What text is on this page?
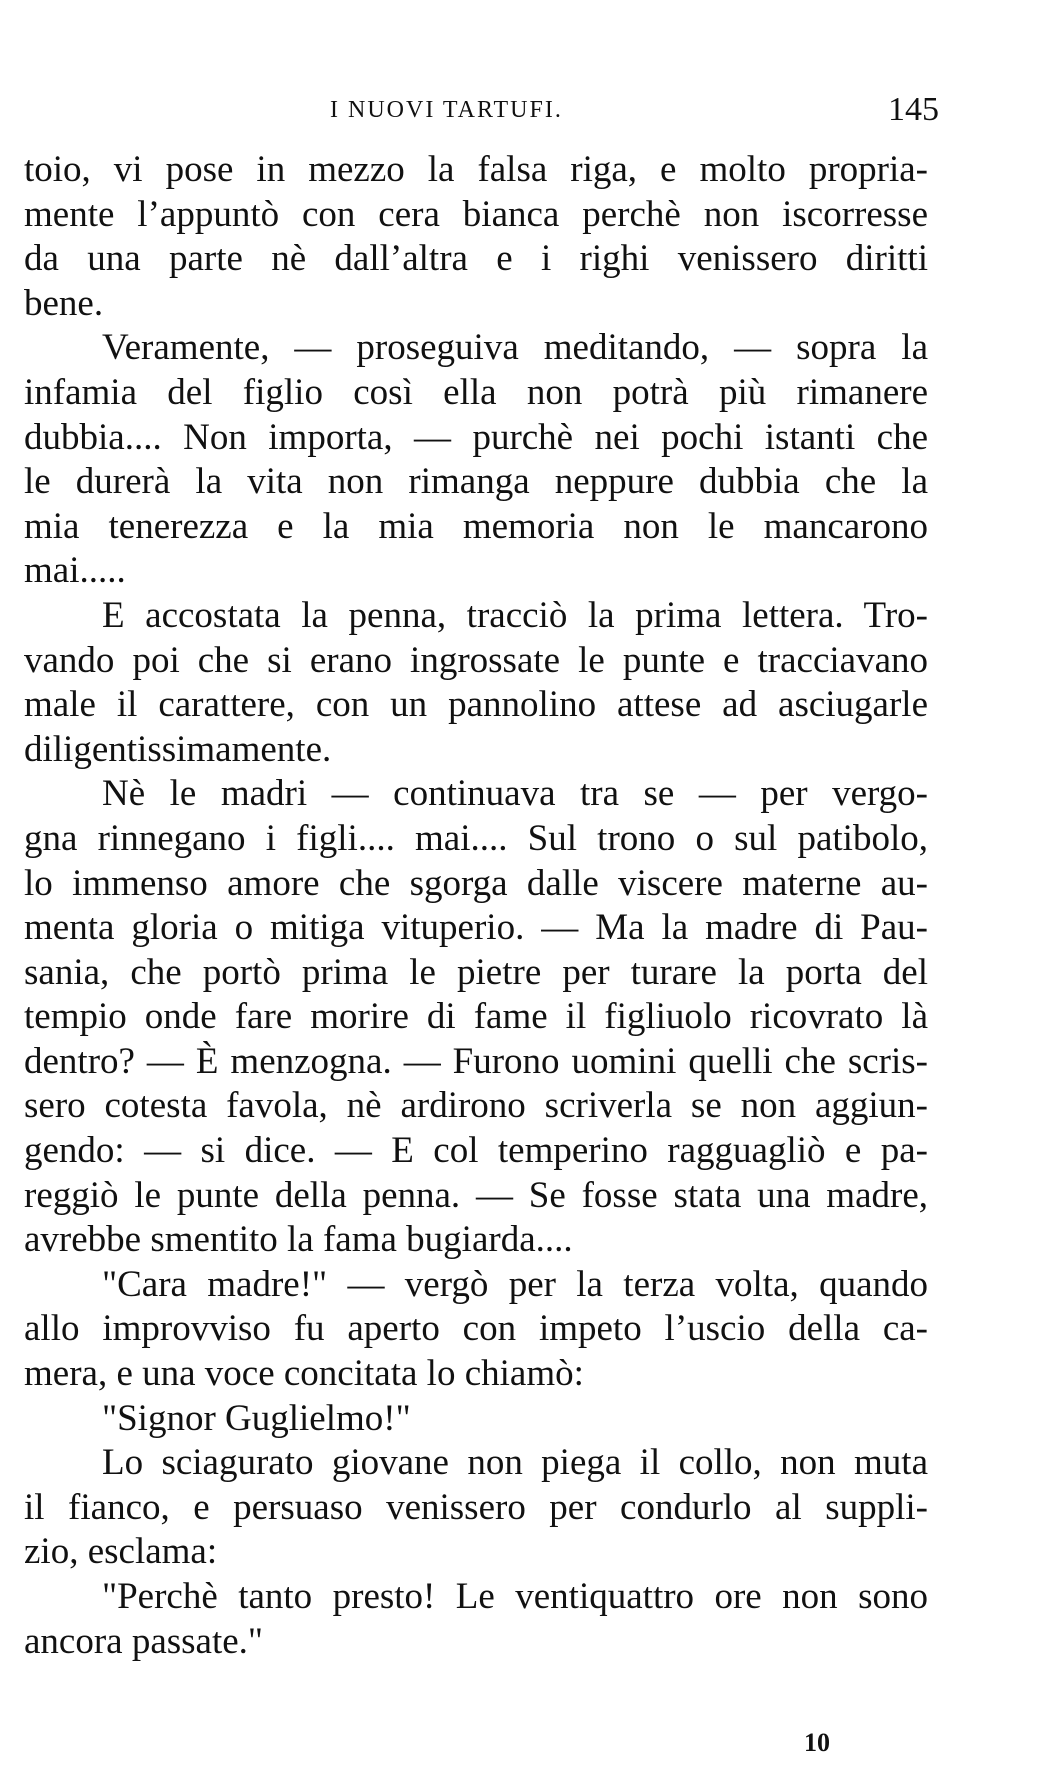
I NUOVI TARTUFI.	145
toio, vi pose in mezzo la falsa riga, e molto propria-
mente l’appuntò con cera bianca perchè non iscorresse
da una parte nè dall’altra e i righi venissero diritti
bene.
Veramente, — proseguiva meditando, — sopra la
infamia del figlio così ella non potrà più rimanere
dubbia.... Non importa, — purchè nei pochi istanti che
le durerà la vita non rimanga neppure dubbia che la
mia tenerezza e la mia memoria non le mancarono
mai.....
E accostata la penna, tracciò la prima lettera. Tro-
vando poi che si erano ingrossate le punte e tracciavano
male il carattere, con un pannolino attese ad asciugarle
diligentissimamente.
Nè le madri — continuava tra se — per vergo-
gna rinnegano i figli.... mai.... Sul trono o sul patibolo,
lo immenso amore che sgorga dalle viscere materne au-
menta gloria o mitiga vituperio. — Ma la madre di Pau-
sania, che portò prima le pietre per turare la porta del
tempio onde fare morire di fame il figliuolo ricovrato là
dentro? — È menzogna. — Furono uomini quelli che scris-
sero cotesta favola, nè ardirono scriverla se non aggiun-
gendo: — si dice. — E col temperino ragguagliò e pa-
reggiò le punte della penna. — Se fosse stata una madre,
avrebbe smentito la fama bugiarda....
"Cara madre!" — vergò per la terza volta, quando
allo improvviso fu aperto con impeto l’uscio della ca-
mera, e una voce concitata lo chiamò:
"Signor Guglielmo!"
Lo sciagurato giovane non piega il collo, non muta
il fianco, e persuaso venissero per condurlo al suppli-
zio, esclama:
"Perchè tanto presto! Le ventiquattro ore non sono
ancora passate."
10
